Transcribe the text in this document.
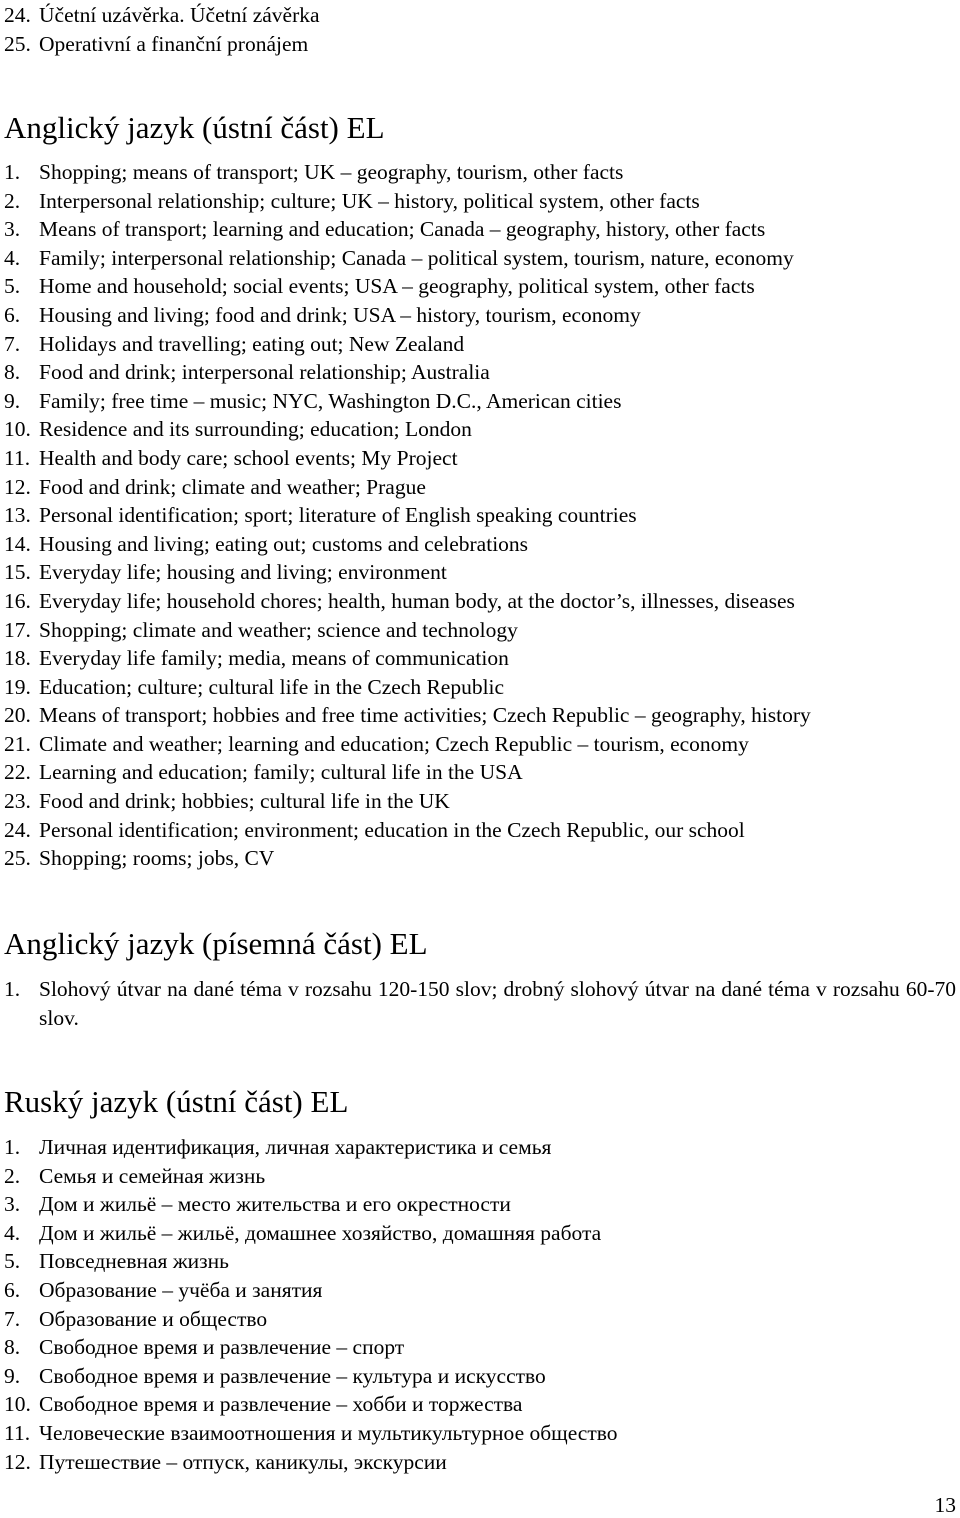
24. Účetní uzávěrka. Účetní závěrka
25. Operativní a finanční pronájem
Anglický jazyk (ústní část) EL
1. Shopping; means of transport; UK – geography, tourism, other facts
2. Interpersonal relationship; culture; UK – history, political system, other facts
3. Means of transport; learning and education; Canada – geography, history, other facts
4. Family; interpersonal relationship; Canada – political system, tourism, nature, economy
5. Home and household; social events; USA – geography, political system, other facts
6. Housing and living; food and drink; USA – history, tourism, economy
7. Holidays and travelling; eating out; New Zealand
8. Food and drink; interpersonal relationship; Australia
9. Family; free time – music; NYC, Washington D.C., American cities
10. Residence and its surrounding; education; London
11. Health and body care; school events; My Project
12. Food and drink; climate and weather; Prague
13. Personal identification; sport; literature of English speaking countries
14. Housing and living; eating out; customs and celebrations
15. Everyday life; housing and living; environment
16. Everyday life; household chores; health, human body, at the doctor’s, illnesses, diseases
17. Shopping; climate and weather; science and technology
18. Everyday life family; media, means of communication
19. Education; culture; cultural life in the Czech Republic
20. Means of transport; hobbies and free time activities; Czech Republic – geography, history
21. Climate and weather; learning and education; Czech Republic – tourism, economy
22. Learning and education; family; cultural life in the USA
23. Food and drink; hobbies; cultural life in the UK
24. Personal identification; environment; education in the Czech Republic, our school
25. Shopping; rooms; jobs, CV
Anglický jazyk (písemná část) EL
1. Slohový útvar na dané téma v rozsahu 120-150 slov; drobný slohový útvar na dané téma v rozsahu 60-70 slov.
Ruský jazyk (ústní část) EL
1. Личная идентификация, личная характеристика и семья
2. Семья и семейная жизнь
3. Дом и жильё – место жительства и его окрестности
4. Дом и жильё – жильё, домашнее хозяйство, домашняя работа
5. Повседневная жизнь
6. Образование – учёба и занятия
7. Образование и общество
8. Свободное время и развлечение – спорт
9. Свободное время и развлечение – культура и искусство
10. Свободное время и развлечение – хобби и торжества
11. Человеческие взаимоотношения и мультикультурное общество
12. Путешествие – отпуск, каникулы, экскурсии
13
